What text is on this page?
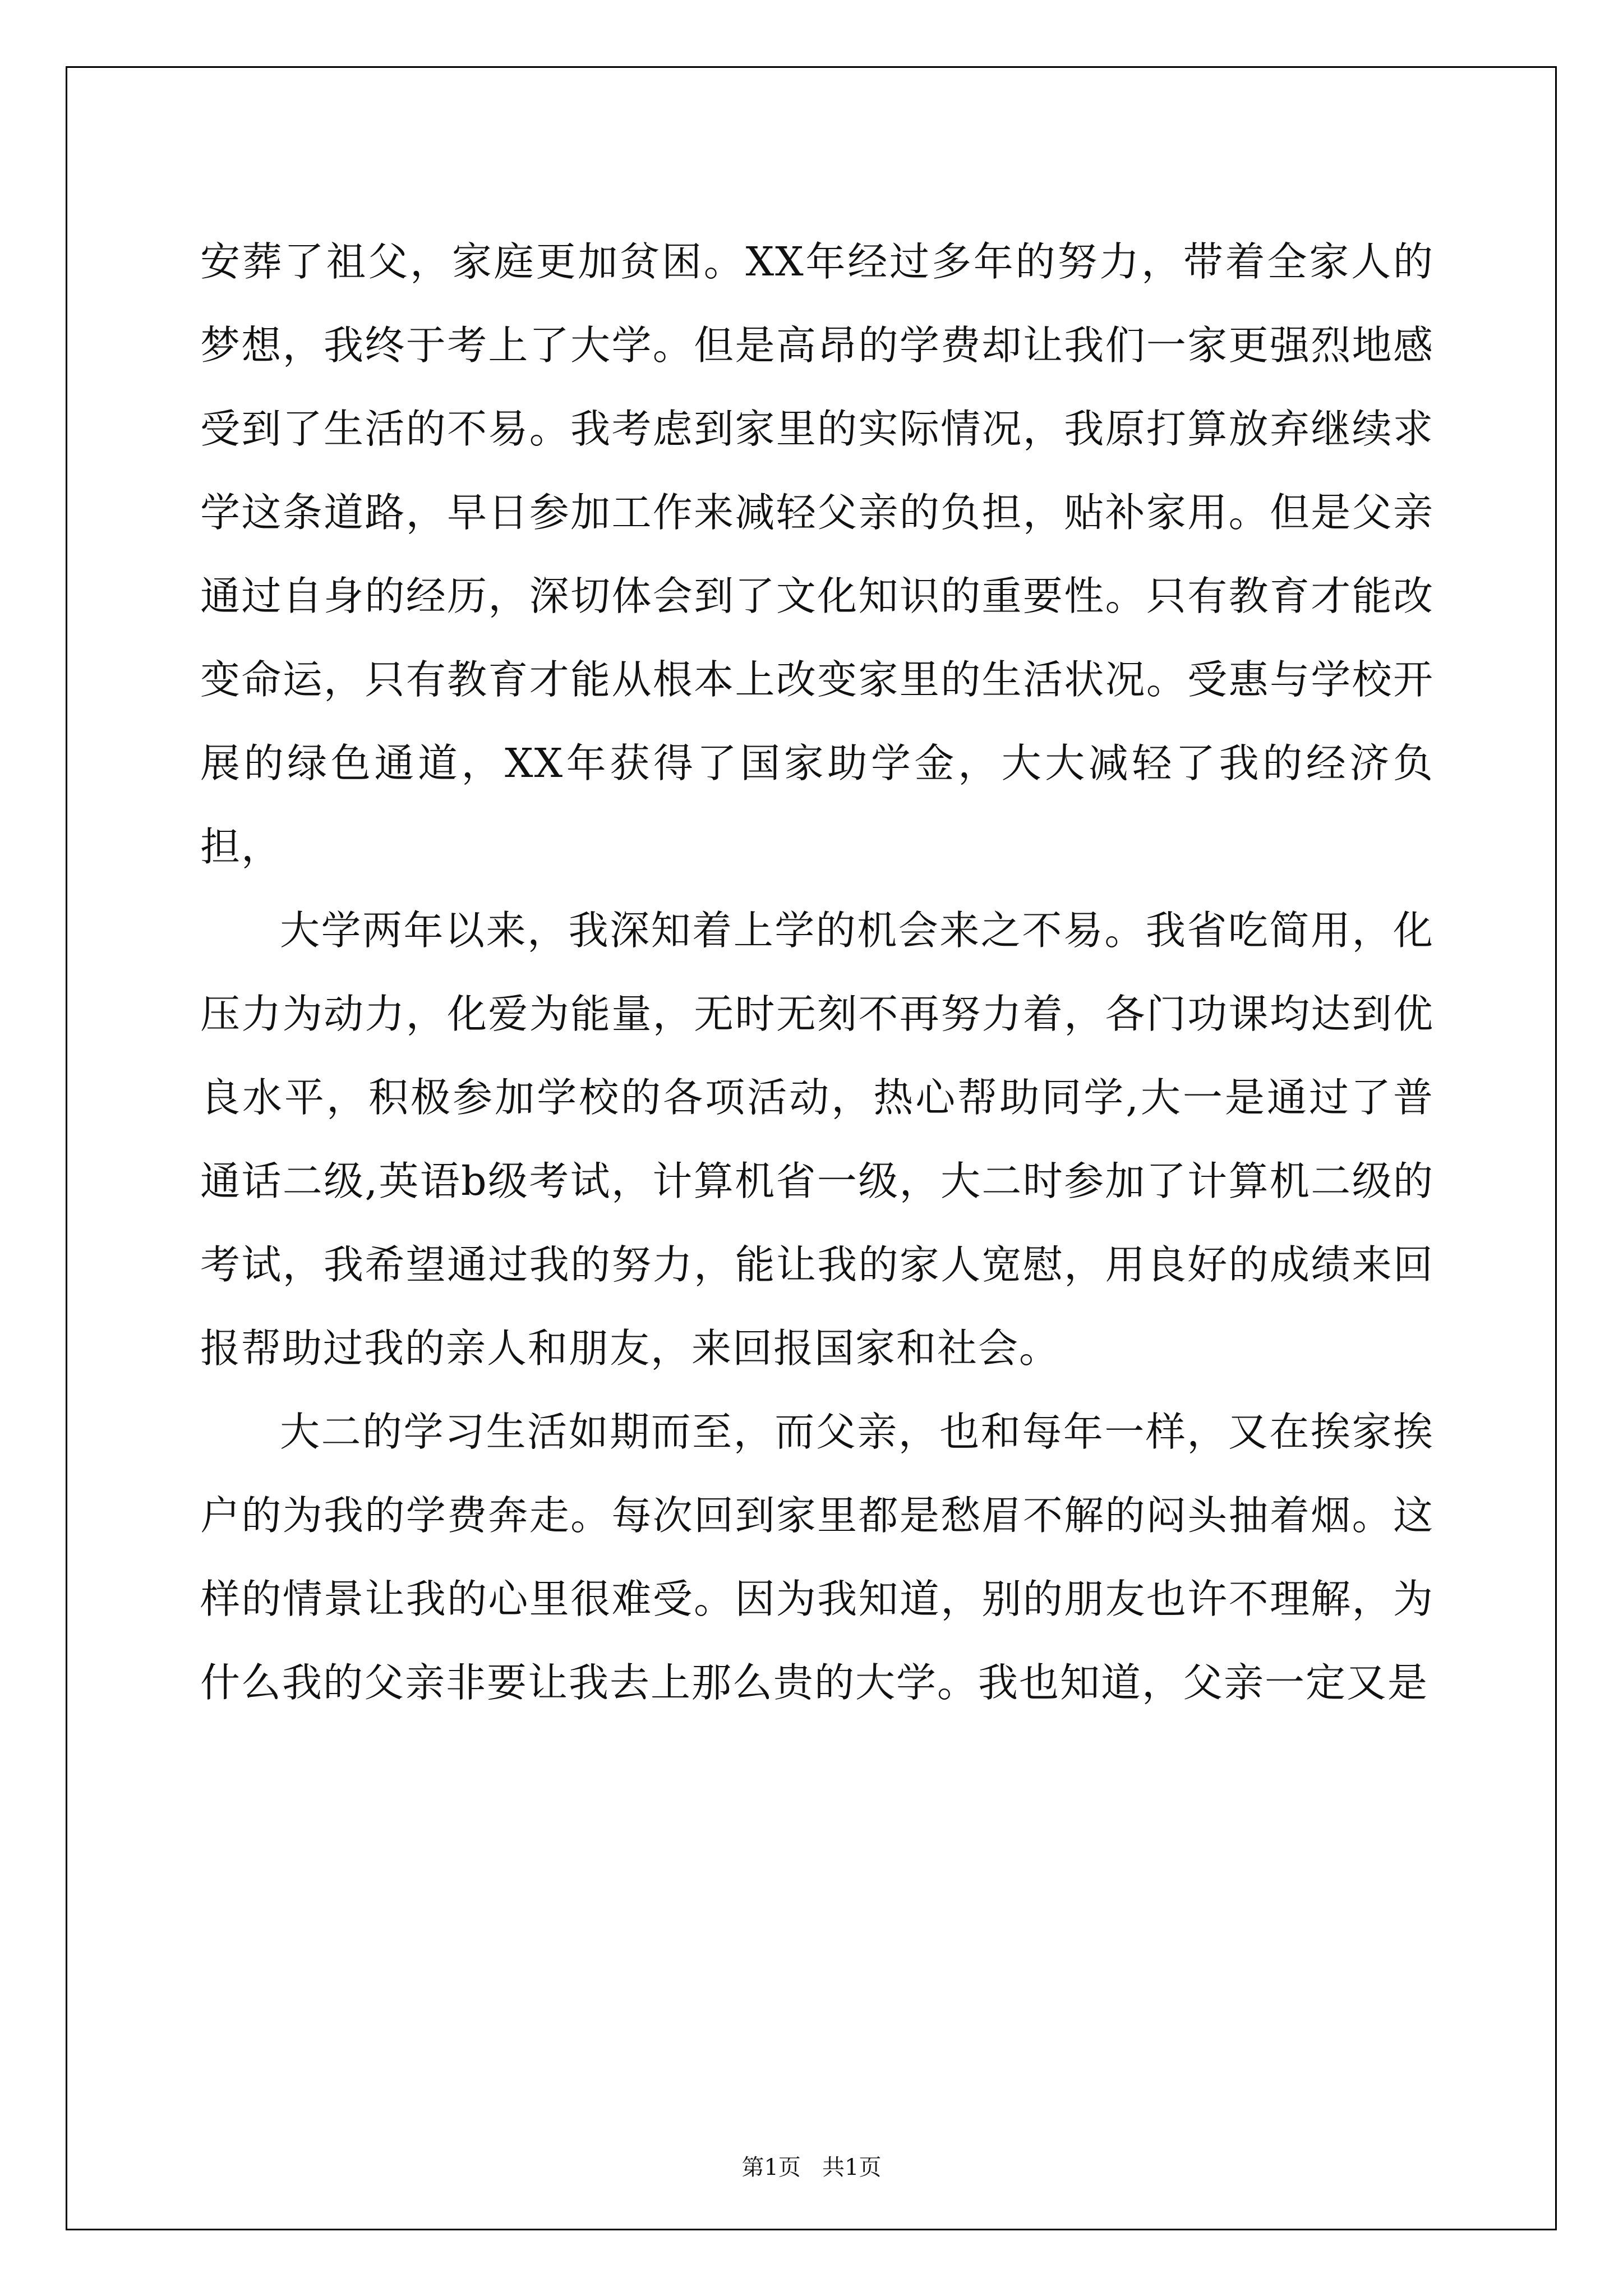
安葬了祖父，家庭更加贫困。XX年经过多年的努力，带着全家人的梦想，我终于考上了大学。但是高昂的学费却让我们一家更强烈地感受到了生活的不易。我考虑到家里的实际情况，我原打算放弃继续求学这条道路，早日参加工作来减轻父亲的负担，贴补家用。但是父亲通过自身的经历，深切体会到了文化知识的重要性。只有教育才能改变命运，只有教育才能从根本上改变家里的生活状况。受惠与学校开展的绿色通道，XX年获得了国家助学金，大大减轻了我的经济负担，

大学两年以来，我深知着上学的机会来之不易。我省吃简用，化压力为动力，化爱为能量，无时无刻不再努力着，各门功课均达到优良水平，积极参加学校的各项活动，热心帮助同学,大一是通过了普通话二级,英语b级考试，计算机省一级，大二时参加了计算机二级的考试，我希望通过我的努力，能让我的家人宽慰，用良好的成绩来回报帮助过我的亲人和朋友，来回报国家和社会。

大二的学习生活如期而至，而父亲，也和每年一样，又在挨家挨户的为我的学费奔走。每次回到家里都是愁眉不解的闷头抽着烟。这样的情景让我的心里很难受。因为我知道，别的朋友也许不理解，为什么我的父亲非要让我去上那么贵的大学。我也知道，父亲一定又是

第1页   共1页
